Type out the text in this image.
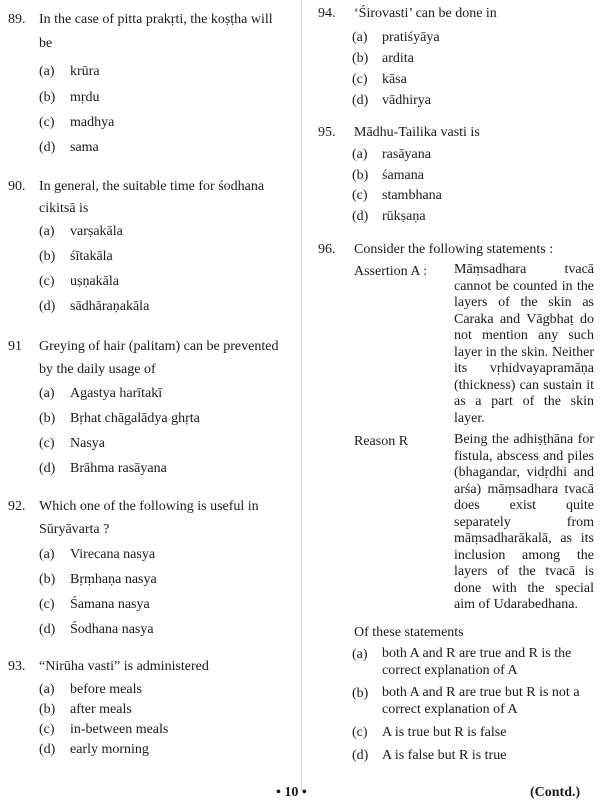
89. In the case of pitta prakṛti, the koṣṭha will
be
(a) krūra
(b) mṛdu
(c) madhya
(d) sama
90. In general, the suitable time for śodhana
cikitsā is
(a) varṣakāla
(b) śītakāla
(c) uṣṇakāla
(d) sādhāraṇakāla
91 Greying of hair (palitam) can be prevented
by the daily usage of
(a) Agastya harītakī
(b) Bṛhat chāgalādya ghṛta
(c) Nasya
(d) Brāhma rasāyana
92. Which one of the following is useful in
Sūryāvarta ?
(a) Virecana nasya
(b) Bṛṃhaṇa nasya
(c) Śamana nasya
(d) Śodhana nasya
93. “Nirūha vasti” is administered
(a) before meals
(b) after meals
(c) in-between meals
(d) early morning
94. ‘Śirovasti’ can be done in
(a) pratiśyāya
(b) ardita
(c) kāsa
(d) vādhirya
95. Mādhu-Tailika vasti is
(a) rasāyana
(b) śamana
(c) stambhana
(d) rūkṣaṇa
96. Consider the following statements :
Assertion A : Māṃsadhara tvacā cannot be counted in the layers of the skin as Caraka and Vāgbhaṭ do not mention any such layer in the skin. Neither its vṛhidvayapramāṇa (thickness) can sustain it as a part of the skin layer.
Reason R	Being the adhiṣṭhāna for fistula, abscess and piles (bhagandar, vidṛdhi and arśa) māṃsadhara tvacā does exist quite separately from māṃsadharākalā, as its inclusion among the layers of the tvacā is done with the special aim of Udarabedhana.
Of these statements
(a) both A and R are true and R is the correct explanation of A
(b) both A and R are true but R is not a correct explanation of A
(c) A is true but R is false
(d) A is false but R is true
• 10 •	(Contd.)
